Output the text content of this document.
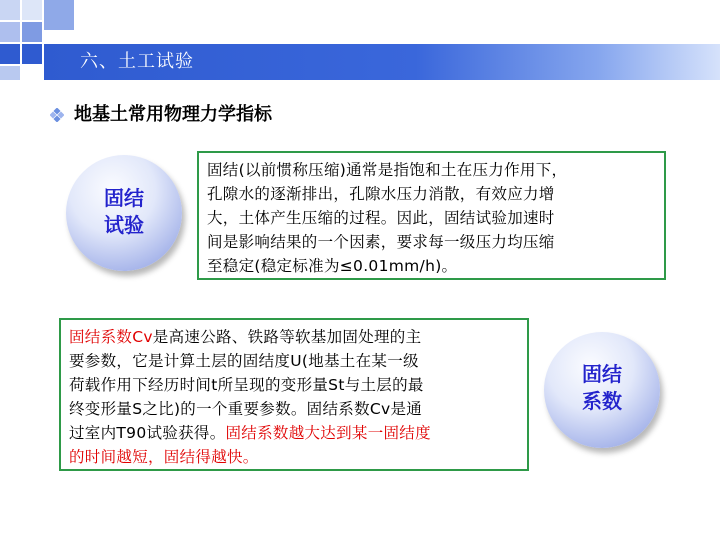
六、土工试验
地基土常用物理力学指标
固结
试验
固结(以前惯称压缩)通常是指饱和土在压力作用下，
孔隙水的逐渐排出，孔隙水压力消散，有效应力增
大，土体产生压缩的过程。因此，固结试验加速时
间是影响结果的一个因素，要求每一级压力均压缩
至稳定(稳定标准为≤0.01mm/h)。
固结系数Cv是高速公路、铁路等软基加固处理的主
要参数，它是计算土层的固结度U(地基土在某一级
荷载作用下经历时间t所呈现的变形量St与土层的最
终变形量S之比)的一个重要参数。固结系数Cv是通
过室内T90试验获得。固结系数越大达到某一固结度
的时间越短，固结得越快。
固结
系数
